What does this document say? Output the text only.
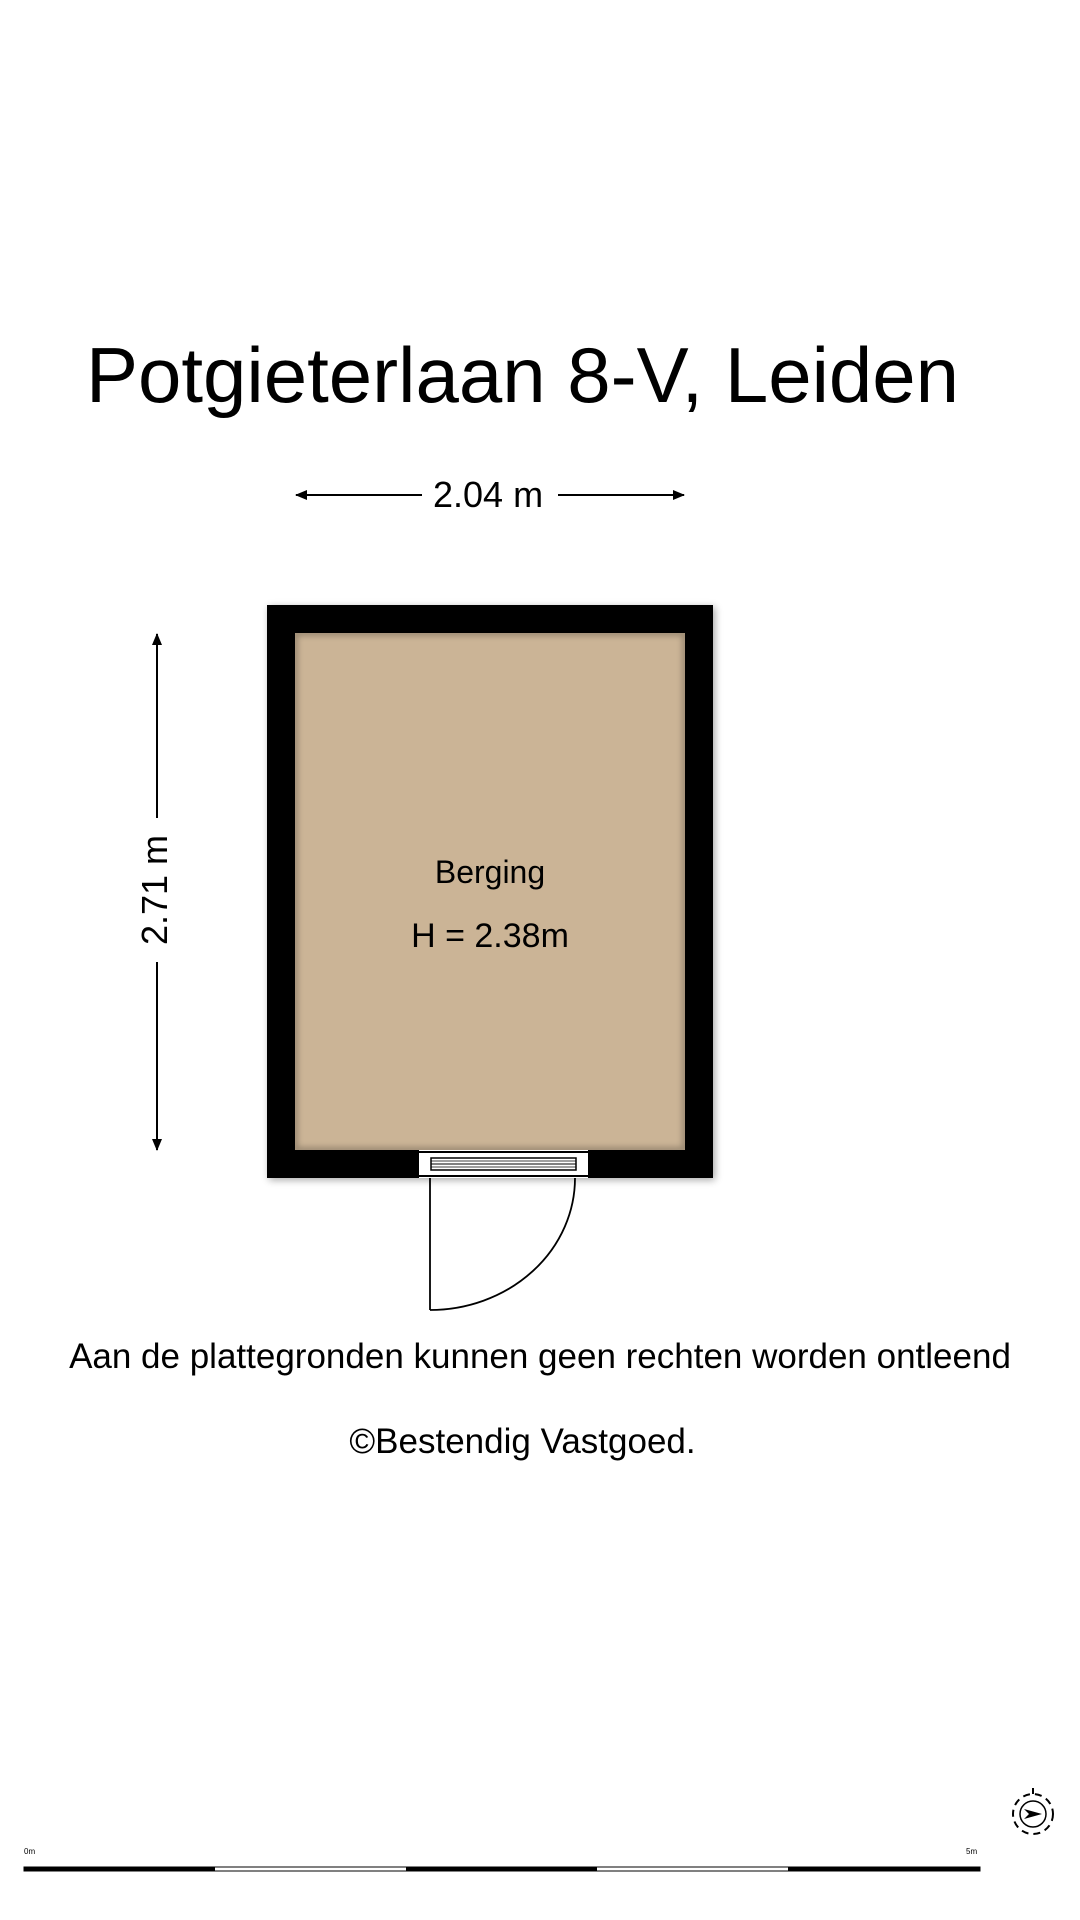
Potgieterlaan 8-V, Leiden
2.04 m
2.71 m	Berging
H = 2.38m
Aan de plattegronden kunnen geen rechten worden ontleend
©Bestendig Vastgoed.
0m	5m
